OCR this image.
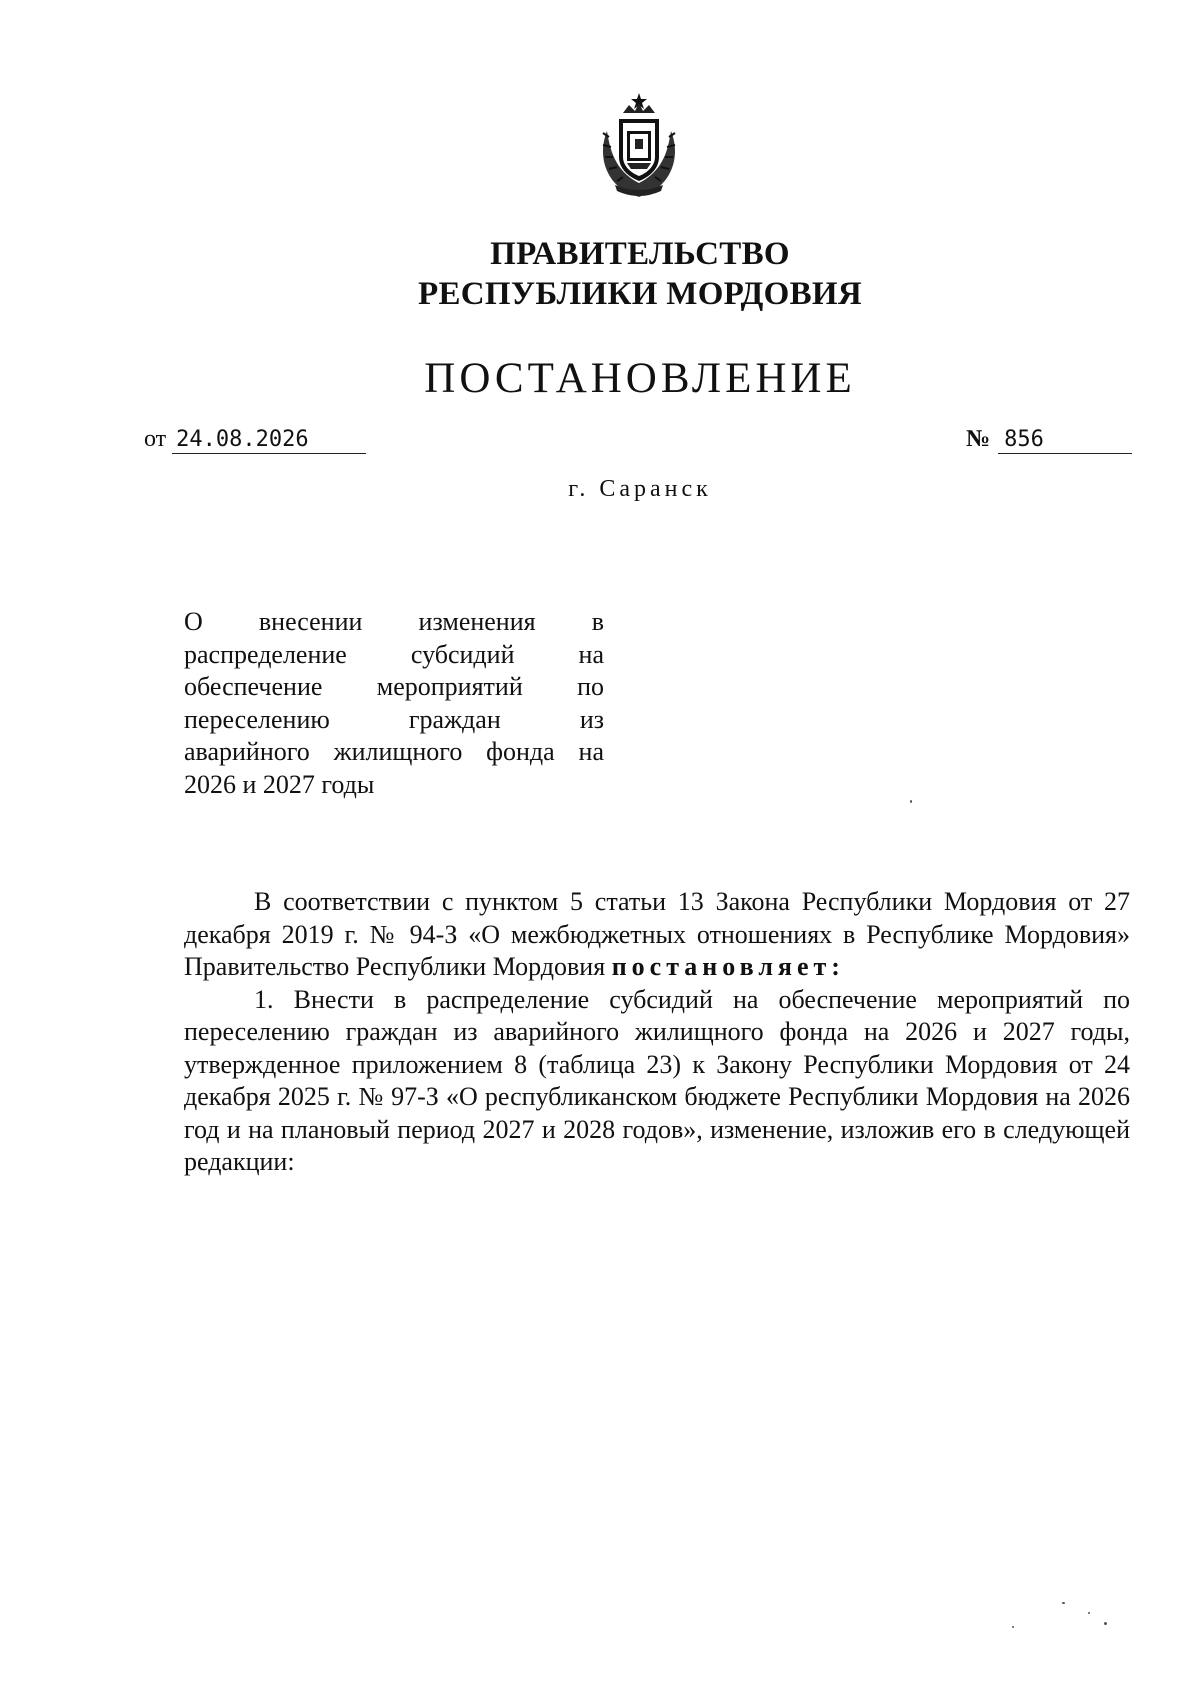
ПРАВИТЕЛЬСТВО
РЕСПУБЛИКИ МОРДОВИЯ
ПОСТАНОВЛЕНИЕ
от 24.08.2026	№ 856
г. Саранск
О внесении изменения в
распределение субсидий на
обеспечение мероприятий по
переселению граждан из
аварийного жилищного фонда на
2026 и 2027 годы

В соответствии с пунктом 5 статьи 13 Закона Республики Мордовия от 27 декабря 2019 г. № 94-З «О межбюджетных отношениях в Республике Мордовия» Правительство Республики Мордовия постановляет:

1. Внести в распределение субсидий на обеспечение мероприятий по переселению граждан из аварийного жилищного фонда на 2026 и 2027 годы, утвержденное приложением 8 (таблица 23) к Закону Республики Мордовия от 24 декабря 2025 г. № 97-З «О республиканском бюджете Республики Мордовия на 2026 год и на плановый период 2027 и 2028 годов», изменение, изложив его в следующей редакции:
